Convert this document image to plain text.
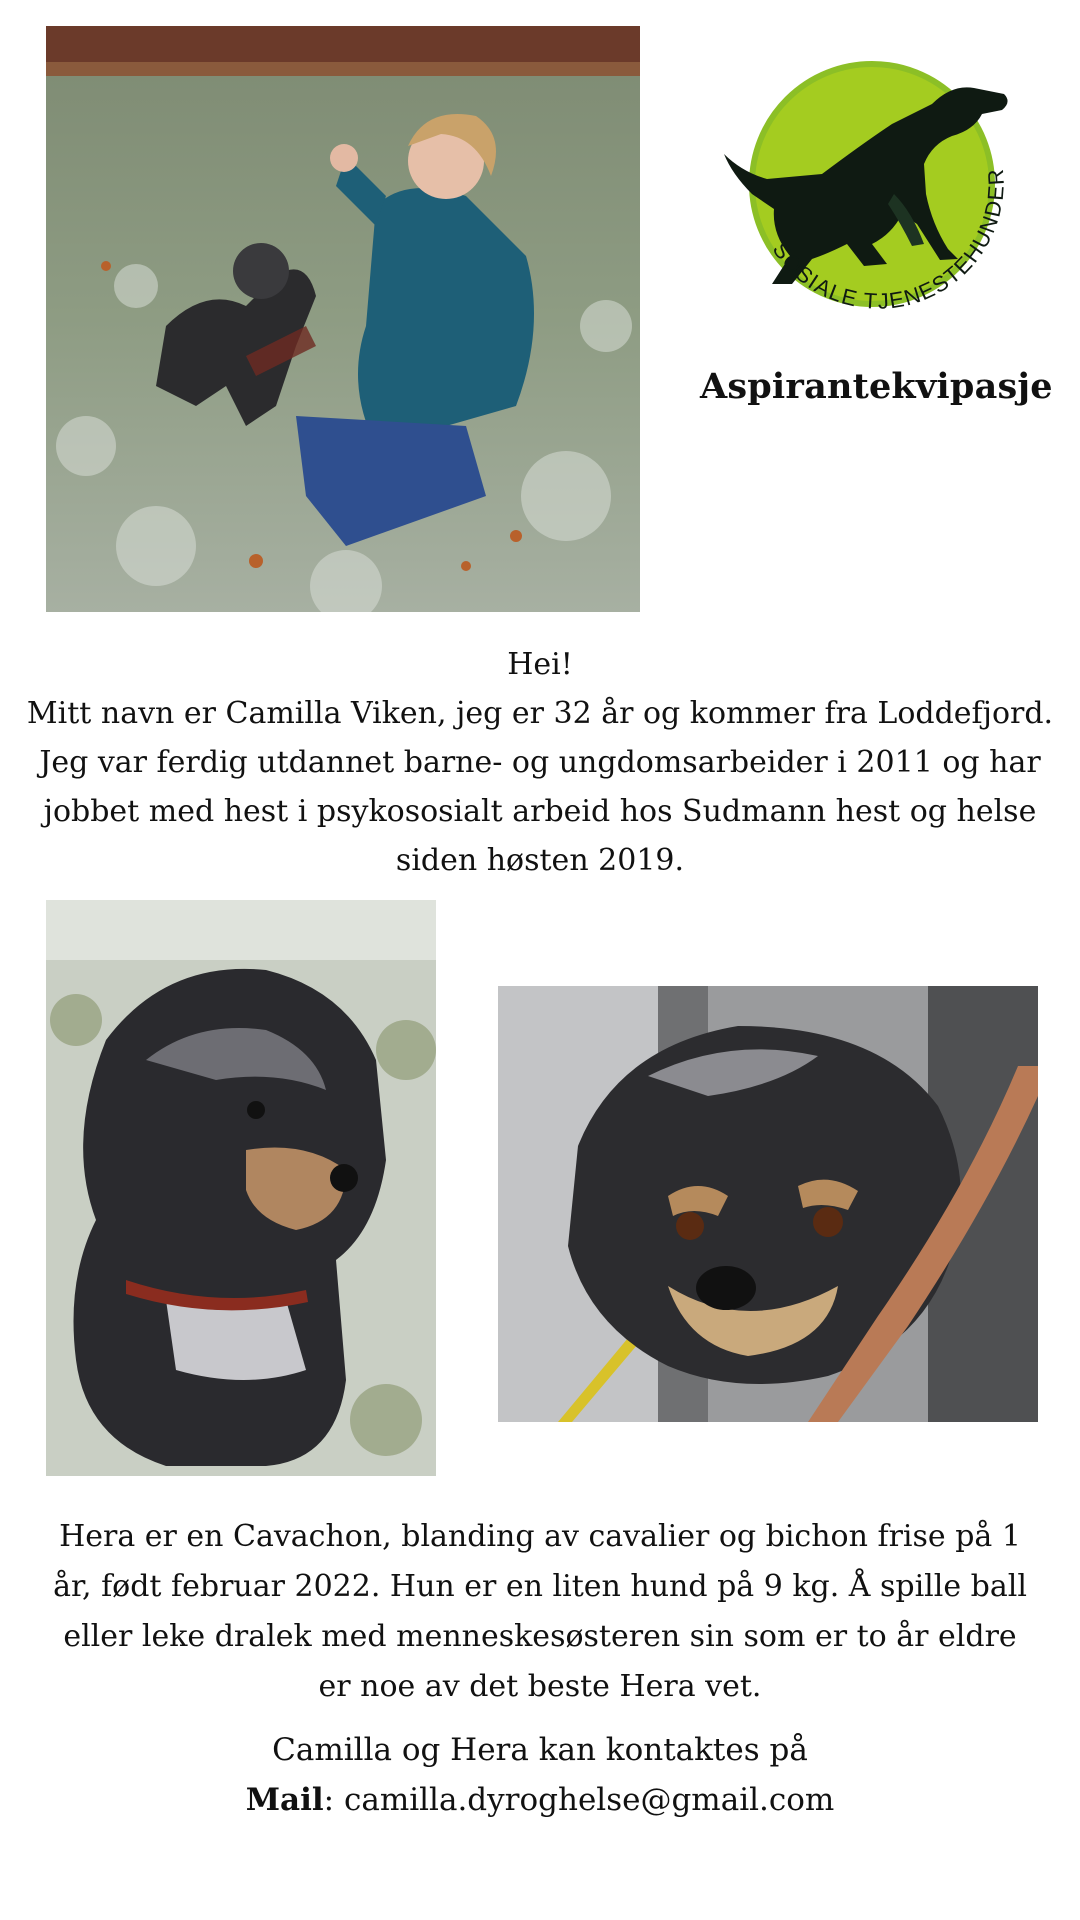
SOSIALE TJENESTEHUNDER
Aspirantekvipasje
Hei!
Mitt navn er Camilla Viken, jeg er 32 år og kommer fra Loddefjord.
Jeg var ferdig utdannet barne- og ungdomsarbeider i 2011 og har
jobbet med hest i psykososialt arbeid hos Sudmann hest og helse
siden høsten 2019.
Hera er en Cavachon, blanding av cavalier og bichon frise på 1
år, født februar 2022. Hun er en liten hund på 9 kg. Å spille ball
eller leke dralek med menneskesøsteren sin som er to år eldre
er noe av det beste Hera vet.
Camilla og Hera kan kontaktes på
Mail: camilla.dyroghelse@gmail.com
